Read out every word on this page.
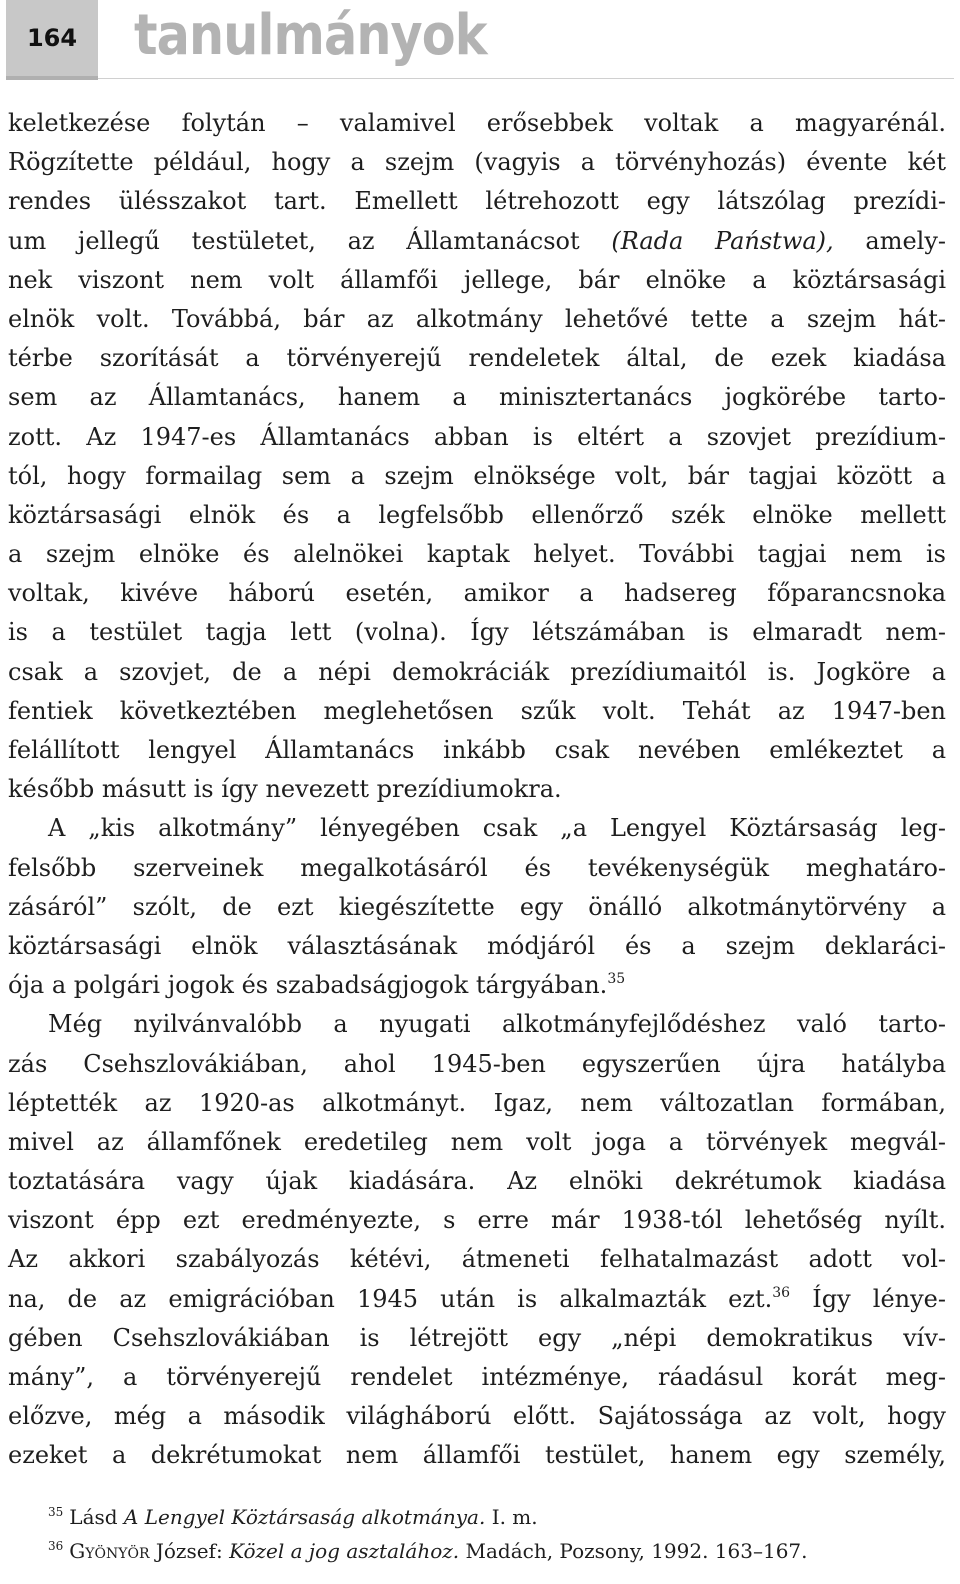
164	tanulmányok
keletkezése folytán – valamivel erősebbek voltak a magyarénál.
Rögzítette például, hogy a szejm (vagyis a törvényhozás) évente két
rendes ülésszakot tart. Emellett létrehozott egy látszólag prezídi-
um jellegű testületet, az Államtanácsot (Rada Państwa), amely-
nek viszont nem volt államfői jellege, bár elnöke a köztársasági
elnök volt. Továbbá, bár az alkotmány lehetővé tette a szejm hát-
térbe szorítását a törvényerejű rendeletek által, de ezek kiadása
sem az Államtanács, hanem a minisztertanács jogkörébe tarto-
zott. Az 1947-es Államtanács abban is eltért a szovjet prezídium-
tól, hogy formailag sem a szejm elnöksége volt, bár tagjai között a
köztársasági elnök és a legfelsőbb ellenőrző szék elnöke mellett
a szejm elnöke és alelnökei kaptak helyet. További tagjai nem is
voltak, kivéve háború esetén, amikor a hadsereg főparancsnoka
is a testület tagja lett (volna). Így létszámában is elmaradt nem-
csak a szovjet, de a népi demokráciák prezídiumaitól is. Jogköre a
fentiek következtében meglehetősen szűk volt. Tehát az 1947-ben
felállított lengyel Államtanács inkább csak nevében emlékeztet a
később másutt is így nevezett prezídiumokra.
A „kis alkotmány” lényegében csak „a Lengyel Köztársaság leg-
felsőbb szerveinek megalkotásáról és tevékenységük meghatáro-
zásáról” szólt, de ezt kiegészítette egy önálló alkotmánytörvény a
köztársasági elnök választásának módjáról és a szejm deklaráci-
ója a polgári jogok és szabadságjogok tárgyában.$^{35}$
Még nyilvánvalóbb a nyugati alkotmányfejlődéshez való tarto-
zás Csehszlovákiában, ahol 1945-ben egyszerűen újra hatályba
léptették az 1920-as alkotmányt. Igaz, nem változatlan formában,
mivel az államfőnek eredetileg nem volt joga a törvények megvál-
toztatására vagy újak kiadására. Az elnöki dekrétumok kiadása
viszont épp ezt eredményezte, s erre már 1938-tól lehetőség nyílt.
Az akkori szabályozás kétévi, átmeneti felhatalmazást adott vol-
na, de az emigrációban 1945 után is alkalmazták ezt.$^{36}$ Így lénye-
gében Csehszlovákiában is létrejött egy „népi demokratikus vív-
mány”, a törvényerejű rendelet intézménye, ráadásul korát meg-
előzve, még a második világháború előtt. Sajátossága az volt, hogy
ezeket a dekrétumokat nem államfői testület, hanem egy személy,
$^{35}$ Lásd A Lengyel Köztársaság alkotmánya. I. m.
$^{36}$ Gyönyör József: Közel a jog asztalához. Madách, Pozsony, 1992. 163–167.
